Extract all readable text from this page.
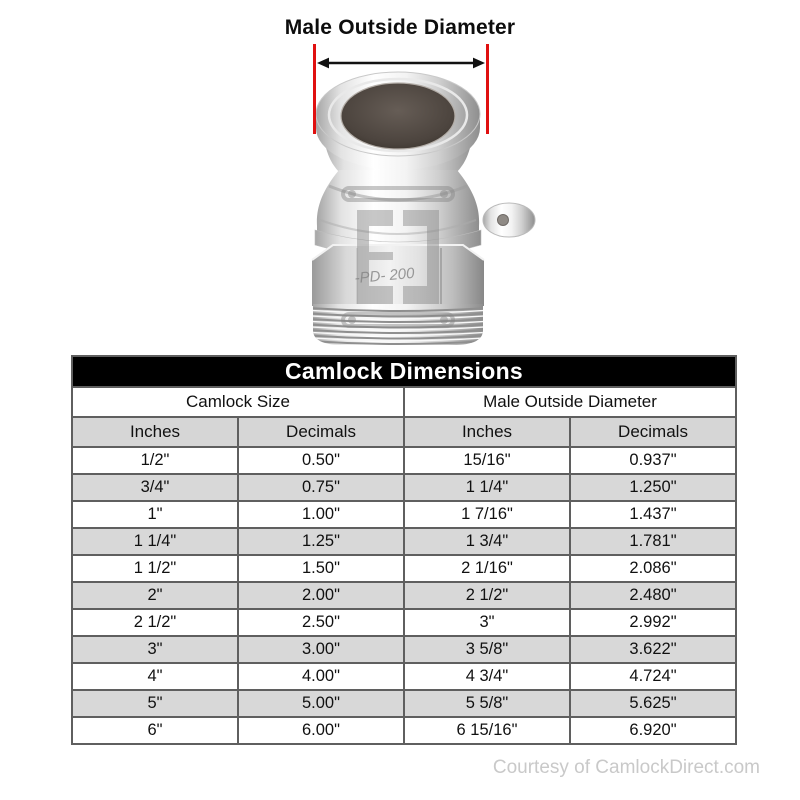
Male Outside Diameter
-PD- 200
Camlock Dimensions			
Camlock Size		Male Outside Diameter	
Inches	Decimals	Inches	Decimals
1/2"	0.50"	15/16"	0.937"
3/4"	0.75"	1 1/4"	1.250"
1"	1.00"	1 7/16"	1.437"
1 1/4"	1.25"	1 3/4"	1.781"
1 1/2"	1.50"	2 1/16"	2.086"
2"	2.00"	2 1/2"	2.480"
2 1/2"	2.50"	3"	2.992"
3"	3.00"	3 5/8"	3.622"
4"	4.00"	4 3/4"	4.724"
5"	5.00"	5 5/8"	5.625"
6"	6.00"	6 15/16"	6.920"
Courtesy of CamlockDirect.com
